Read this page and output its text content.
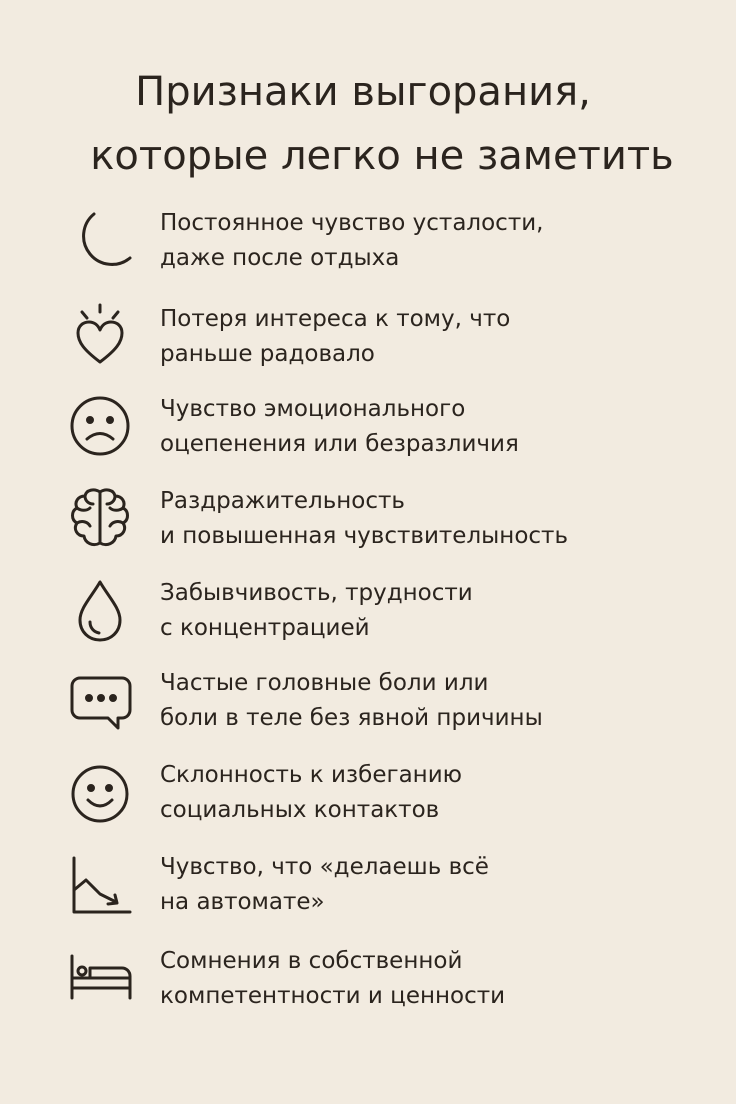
Признаки выгорания,
которые легко не заметить
Постоянное чувство усталости,
даже после отдыха
Потеря интереса к тому, что
раньше радовало
Чувство эмоционального
оцепенения или безразличия
Раздражительность
и повышенная чувствителыность
Забывчивость, трудности
с концентрацией
Частые головные боли или
боли в теле без явной причины
Склонность к избеганию
социальных контактов
Чувство, что «делаешь всё
на автомате»
Сомнения в собственной
компетентности и ценности
